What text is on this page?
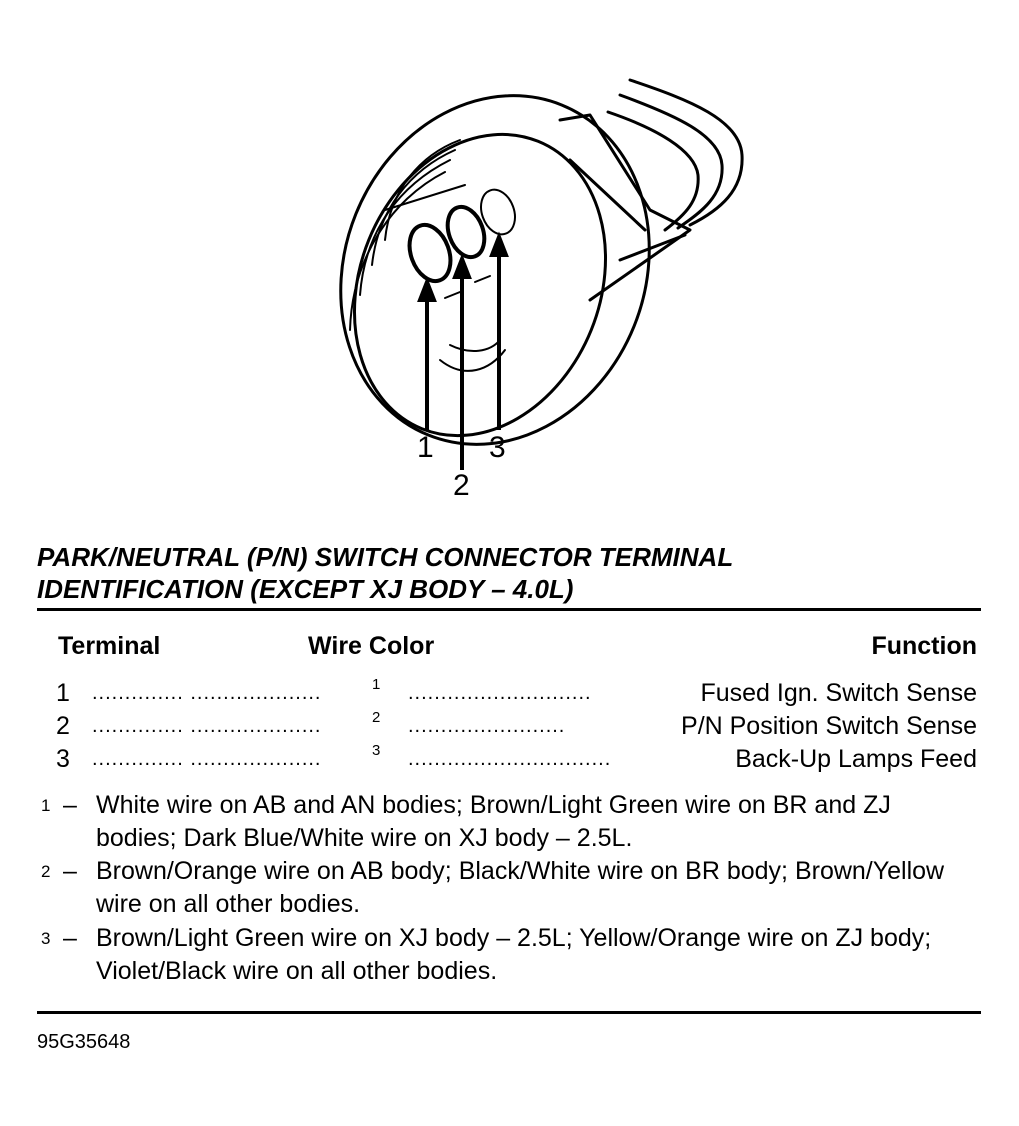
1
2
3
PARK/NEUTRAL (P/N) SWITCH CONNECTOR TERMINAL
IDENTIFICATION (EXCEPT XJ BODY – 4.0L)
Terminal	Wire Color	Function
1 .............. ....................	1 ............................	Fused Ign. Switch Sense
2 .............. ....................	2 ........................	P/N Position Switch Sense
3 .............. ....................	3 ...............................	Back-Up Lamps Feed
1 – White wire on AB and AN bodies; Brown/Light Green wire on BR and ZJ bodies; Dark Blue/White wire on XJ body – 2.5L.
2 – Brown/Orange wire on AB body; Black/White wire on BR body; Brown/Yellow wire on all other bodies.
3 – Brown/Light Green wire on XJ body – 2.5L; Yellow/Orange wire on ZJ body; Violet/Black wire on all other bodies.
95G35648
